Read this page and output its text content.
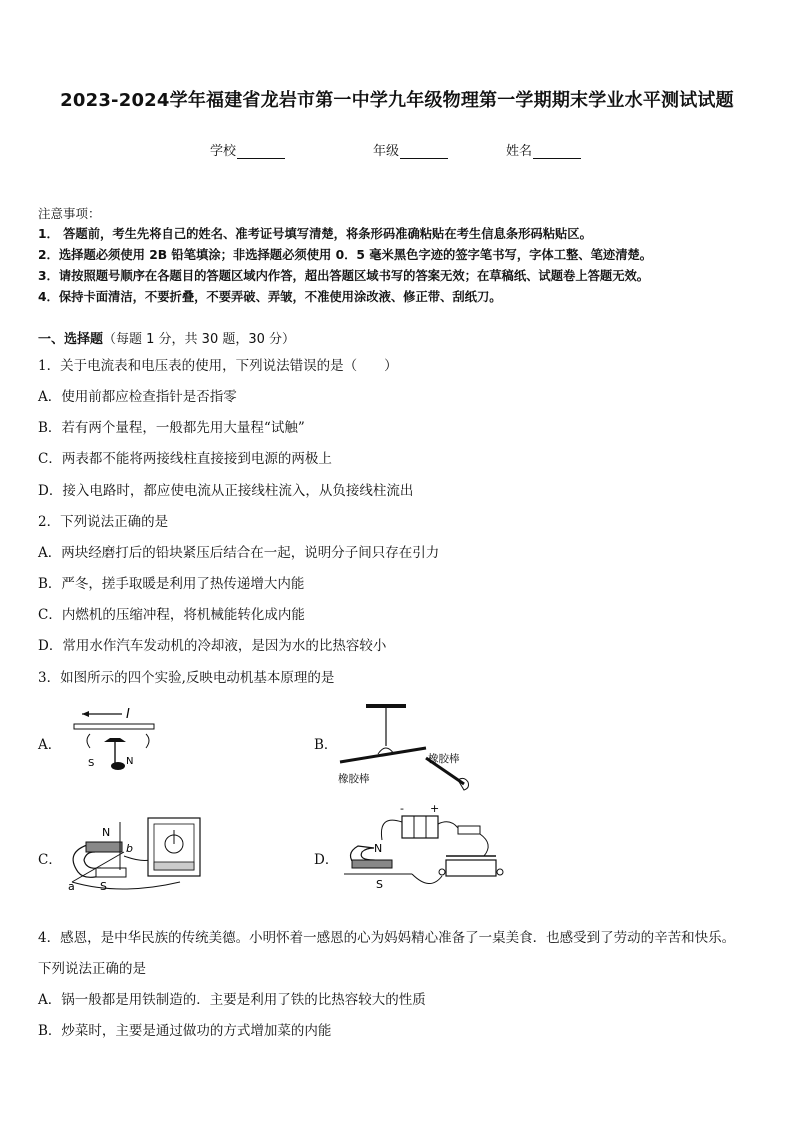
2023-2024学年福建省龙岩市第一中学九年级物理第一学期期末学业水平测试试题
学校	年级	姓名
注意事项：
1． 答题前，考生先将自己的姓名、准考证号填写清楚，将条形码准确粘贴在考生信息条形码粘贴区。
2．选择题必须使用 2B 铅笔填涂；非选择题必须使用 0．5 毫米黑色字迹的签字笔书写，字体工整、笔迹清楚。
3．请按照题号顺序在各题目的答题区域内作答，超出答题区域书写的答案无效；在草稿纸、试题卷上答题无效。
4．保持卡面清洁，不要折叠，不要弄破、弄皱，不准使用涂改液、修正带、刮纸刀。
一、选择题（每题 1 分，共 30 题，30 分）
1．关于电流表和电压表的使用，下列说法错误的是（　　）
A．使用前都应检查指针是否指零
B．若有两个量程，一般都先用大量程“试触”
C．两表都不能将两接线柱直接接到电源的两极上
D．接入电路时，都应使电流从正接线柱流入，从负接线柱流出
2．下列说法正确的是
A．两块经磨打后的铅块紧压后结合在一起，说明分子间只存在引力
B．严冬，搓手取暖是利用了热传递增大内能
C．内燃机的压缩冲程，将机械能转化成内能
D．常用水作汽车发动机的冷却液，是因为水的比热容较小
3．如图所示的四个实验,反映电动机基本原理的是
A．	B．
C．	D．
I
S	N	橡胶棒
橡胶棒
N
S
a
b
- +
N
S
4．感恩，是中华民族的传统美德。小明怀着一感恩的心为妈妈精心准备了一桌美食．也感受到了劳动的辛苦和快乐。
下列说法正确的是
A．锅一般都是用铁制造的．主要是利用了铁的比热容较大的性质
B．炒菜时，主要是通过做功的方式增加菜的内能
